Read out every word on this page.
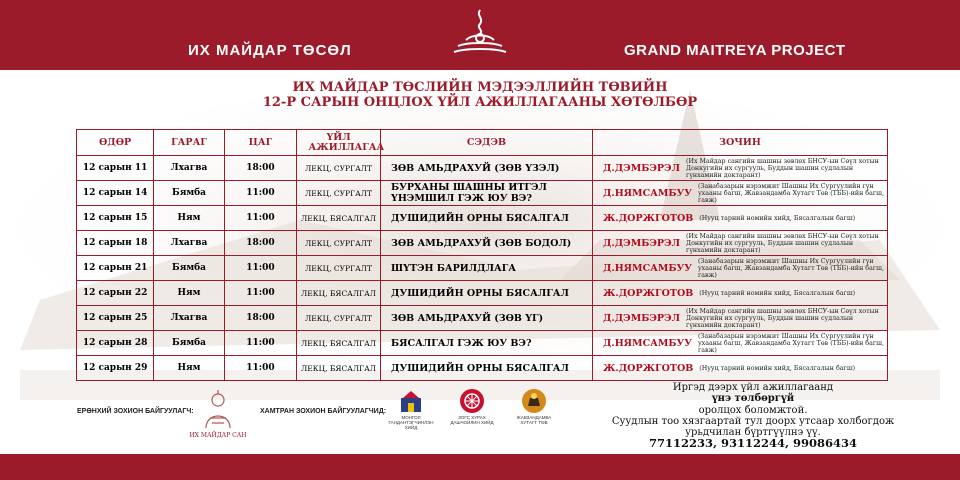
ИХ МАЙДАР ТӨСӨЛ	GRAND MAITREYA PROJECT
ИХ МАЙДАР ТӨСЛИЙН МЭДЭЭЛЛИЙН ТӨВИЙН
12-Р САРЫН ОНЦЛОХ ҮЙЛ АЖИЛЛАГААНЫ ХӨТӨЛБӨР
ӨДӨР	ГАРАГ	ЦАГ	ҮЙЛ АЖИЛЛАГАА	СЭДЭВ	ЗОЧИН
12 сарын 11	Лхагва	18:00	ЛЕКЦ, СУРГАЛТ	ЗӨВ АМЬДРАХУЙ (ЗӨВ ҮЗЭЛ)	Д.ДЭМБЭРЭЛ
(Их Майдар сангийн шашны зөвлөх БНСУ-ын Сөүл хотын Донкугийн их сургууль, Буддын шашин судлалын гүнхамийн доктарант)

12 сарын 14	Бямба	11:00	ЛЕКЦ, СУРГАЛТ	БУРХАНЫ ШАШНЫ ИТГЭЛ ҮНЭМШИЛ ГЭЖ ЮУ ВЭ?	Д.НЯМСАМБУУ
(Занабазарын нэрэмжит Шашны Их Сургуулийн гүн ухааны багш, Жавзандамба Хутагт Төв (ТББ)-ийн багш, гавж)

12 сарын 15	Ням	11:00	ЛЕКЦ, БЯСАЛГАЛ	ДУШИДИЙН ОРНЫ БЯСАЛГАЛ	Ж.ДОРЖГОТОВ (Нууц тарний номийн хийд, Бясалгалын багш)

12 сарын 18	Лхагва	18:00	ЛЕКЦ, СУРГАЛТ	ЗӨВ АМЬДРАХУЙ (ЗӨВ БОДОЛ)	Д.ДЭМБЭРЭЛ
(Их Майдар сангийн шашны зөвлөх БНСУ-ын Сөүл хотын Донкугийн их сургууль, Буддын шашин судлалын гүнхамийн доктарант)

12 сарын 21	Бямба	11:00	ЛЕКЦ, СУРГАЛТ	ШҮТЭН БАРИЛДЛАГА	Д.НЯМСАМБУУ
(Занабазарын нэрэмжит Шашны Их Сургуулийн гүн ухааны багш, Жавзандамба Хутагт Төв (ТББ)-ийн багш, гавж)

12 сарын 22	Ням	11:00	ЛЕКЦ, БЯСАЛГАЛ	ДУШИДИЙН ОРНЫ БЯСАЛГАЛ	Ж.ДОРЖГОТОВ (Нууц тарний номийн хийд, Бясалгалын багш)

12 сарын 25	Лхагва	18:00	ЛЕКЦ, СУРГАЛТ	ЗӨВ АМЬДРАХУЙ (ЗӨВ ҮГ)	Д.ДЭМБЭРЭЛ
(Их Майдар сангийн шашны зөвлөх БНСУ-ын Сөүл хотын Донкугийн их сургууль, Буддын шашин судлалын гүнхамийн доктарант)

12 сарын 28	Бямба	11:00	ЛЕКЦ, БЯСАЛГАЛ	БЯСАЛГАЛ ГЭЖ ЮУ ВЭ?	Д.НЯМСАМБУУ
(Занабазарын нэрэмжит Шашны Их Сургуулийн гүн ухааны багш, Жавзандамба Хутагт Төв (ТББ)-ийн багш, гавж)

12 сарын 29	Ням	11:00	ЛЕКЦ, БЯСАЛГАЛ	ДУШИДИЙН ОРНЫ БЯСАЛГАЛ	Ж.ДОРЖГОТОВ (Нууц тарний номийн хийд, Бясалгалын багш)
ЕРӨНХИЙ ЗОХИОН БАЙГУУЛАГЧ:
ИХ МАЙДАР САН
ХАМТРАН ЗОХИОН БАЙГУУЛАГЧИД:
МОНГОЛ ГАНДАНТЭГЧИНЛЭН ХИЙД
ЗОГС ХУРАХ ДАШЧОЙЛИН ХИЙД
ЖАВЗАНДАМБА ХУТАГТ ТӨВ
Иргэд дээрх үйл ажиллагаанд
үнэ төлбөргүй
оролцох боломжтой.
Суудлын тоо хязгаартай тул доорх утсаар холбогдож
урьдчилан бүртгүүлнэ үү.
77112233, 93112244, 99086434
